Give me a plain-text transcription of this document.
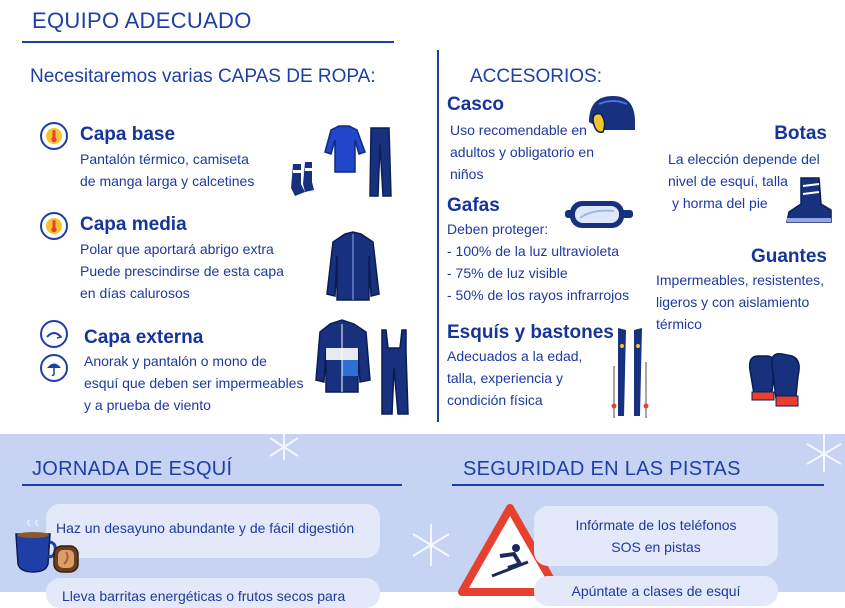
EQUIPO ADECUADO
Necesitaremos varias CAPAS DE ROPA:
Capa base
Pantalón térmico, camiseta
de manga larga y calcetines
Capa media
Polar que aportará abrigo extra
Puede prescindirse de esta capa
en días calurosos
Capa externa
Anorak y pantalón o mono de
esquí que deben ser impermeables
y a prueba de viento
ACCESORIOS:
Casco
Uso recomendable en
adultos y obligatorio en
niños
Gafas
Deben proteger:
- 100% de la luz ultravioleta
- 75% de luz visible
- 50% de los rayos infrarrojos
Esquís y bastones
Adecuados a la edad,
talla, experiencia y
condición física
Botas
La elección depende del
nivel de esquí, talla
y horma del pie
Guantes
Impermeables, resistentes,
ligeros y con aislamiento
térmico
JORNADA DE ESQUÍ	SEGURIDAD EN LAS PISTAS
Haz un desayuno abundante y de fácil digestión
Lleva barritas energéticas o frutos secos para
Infórmate de los teléfonos
SOS en pistas
Apúntate a clases de esquí
